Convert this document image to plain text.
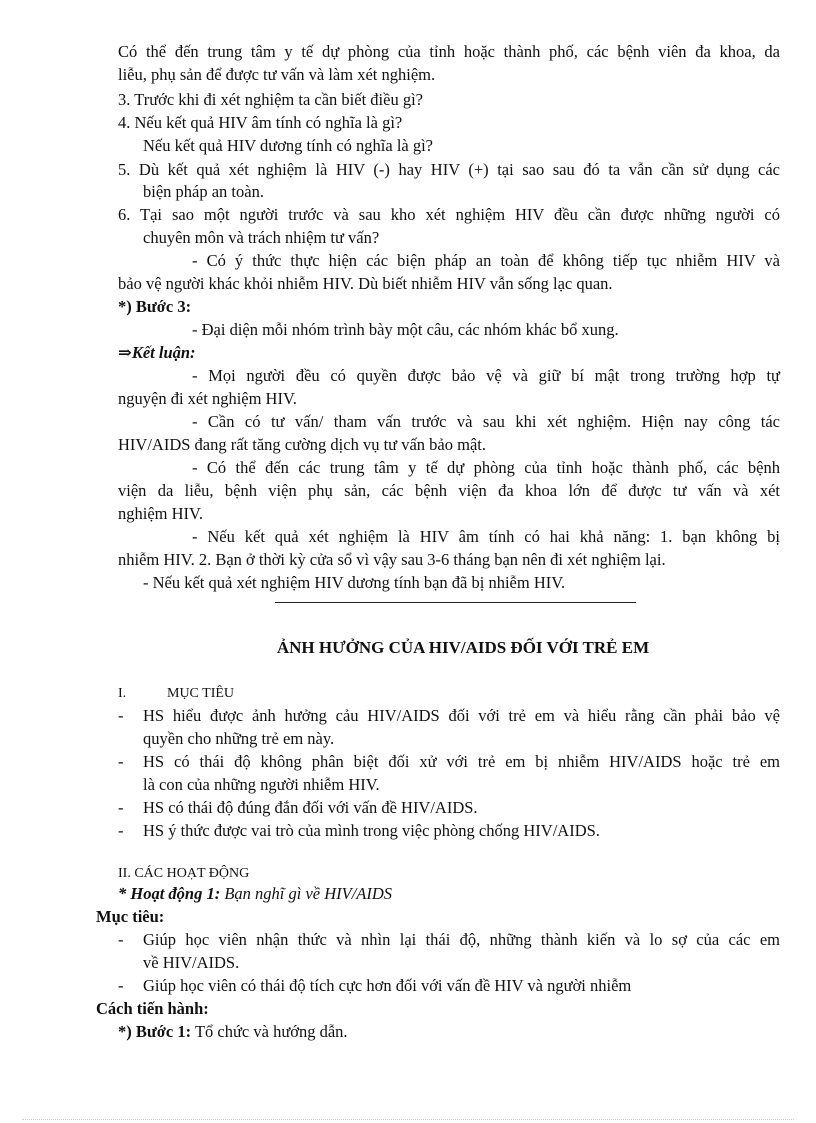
Có thể đến trung tâm y tế dự phòng của tỉnh hoặc thành phố, các bệnh viên đa khoa, da
liễu, phụ sản để được tư vấn và làm xét nghiệm.
3. Trước khi đi xét nghiệm ta cần biết điều gì?
4. Nếu kết quả HIV âm tính có nghĩa là gì?
Nếu kết quả HIV dương tính có nghĩa là gì?
5. Dù kết quả xét nghiệm là HIV (-) hay HIV (+) tại sao sau đó ta vẫn cần sử dụng các
biện pháp an toàn.
6. Tại sao một người trước và sau kho xét nghiệm HIV đều cần được những người có
chuyên môn và trách nhiệm tư vấn?
- Có ý thức thực hiện các biện pháp an toàn để không tiếp tục nhiễm HIV và
bảo vệ người khác khỏi nhiễm HIV. Dù biết nhiễm HIV vẫn sống lạc quan.
*) Bước 3:
- Đại diện mỗi nhóm trình bày một câu, các nhóm khác bổ xung.
⇒Kết luận:
- Mọi người đều có quyền được bảo vệ và giữ bí mật trong trường hợp tự
nguyện đi xét nghiệm HIV.
- Cần có tư vấn/ tham vấn trước và sau khi xét nghiệm. Hiện nay công tác
HIV/AIDS đang rất tăng cường dịch vụ tư vấn bảo mật.
- Có thể đến các trung tâm y tế dự phòng của tỉnh hoặc thành phố, các bệnh
viện da liễu, bệnh viện phụ sản, các bệnh viện đa khoa lớn để được tư vấn và xét
nghiệm HIV.
- Nếu kết quả xét nghiệm là HIV âm tính có hai khả năng: 1. bạn không bị
nhiễm HIV. 2. Bạn ở thời kỳ cửa sổ vì vậy sau 3-6 tháng bạn nên đi xét nghiệm lại.
- Nếu kết quả xét nghiệm HIV dương tính bạn đã bị nhiễm HIV.
ẢNH HƯỞNG CỦA HIV/AIDS ĐỐI VỚI TRẺ EM
I.	MỤC TIÊU
- HS hiểu được ảnh hưởng cảu HIV/AIDS đối với trẻ em và hiểu rằng cần phải bảo vệ
quyền cho những trẻ em này.
- HS có thái độ không phân biệt đối xử với trẻ em bị nhiễm HIV/AIDS hoặc trẻ em
là con của những người nhiễm HIV.
- HS có thái độ đúng đắn đối với vấn đề HIV/AIDS.
- HS ý thức được vai trò của mình trong việc phòng chống HIV/AIDS.
II. CÁC HOẠT ĐỘNG
* Hoạt động 1: Bạn nghĩ gì về HIV/AIDS
Mục tiêu:
- Giúp học viên nhận thức và nhìn lại thái độ, những thành kiến và lo sợ của các em
về HIV/AIDS.
- Giúp học viên có thái độ tích cực hơn đối với vấn đề HIV và người nhiễm
Cách tiến hành:
*) Bước 1: Tổ chức và hướng dẫn.
